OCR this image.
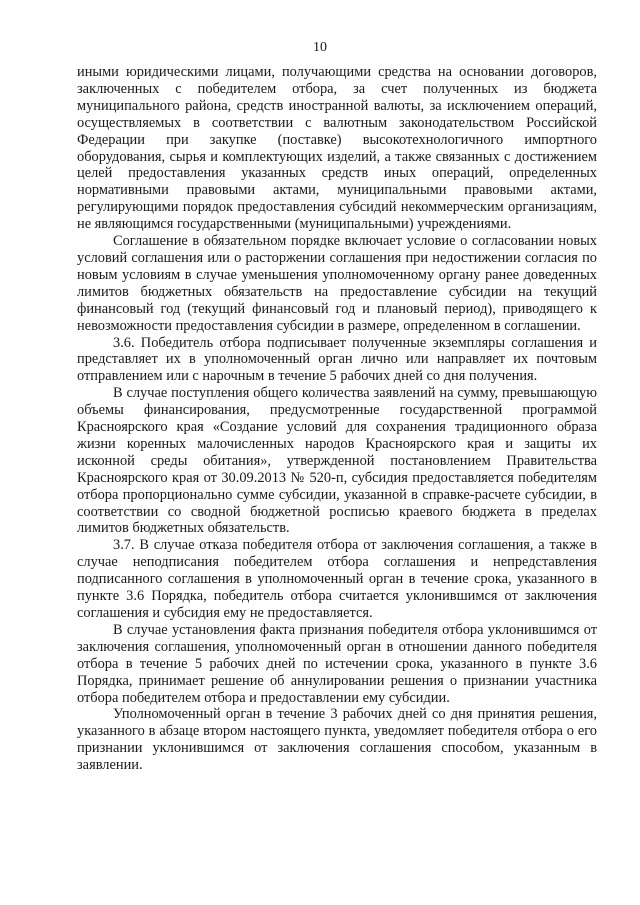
10

иными юридическими лицами, получающими средства на основании договоров, заключенных с победителем отбора, за счет полученных из бюджета муниципального района, средств иностранной валюты, за исключением операций, осуществляемых в соответствии с валютным законодательством Российской Федерации при закупке (поставке) высокотехнологичного импортного оборудования, сырья и комплектующих изделий, а также связанных с достижением целей предоставления указанных средств иных операций, определенных нормативными правовыми актами, муниципальными правовыми актами, регулирующими порядок предоставления субсидий некоммерческим организациям, не являющимся государственными (муниципальными) учреждениями.

Соглашение в обязательном порядке включает условие о согласовании новых условий соглашения или о расторжении соглашения при недостижении согласия по новым условиям в случае уменьшения уполномоченному органу ранее доведенных лимитов бюджетных обязательств на предоставление субсидии на текущий финансовый год (текущий финансовый год и плановый период), приводящего к невозможности предоставления субсидии в размере, определенном в соглашении.

3.6. Победитель отбора подписывает полученные экземпляры соглашения и представляет их в уполномоченный орган лично или направляет их почтовым отправлением или с нарочным в течение 5 рабочих дней со дня получения.

В случае поступления общего количества заявлений на сумму, превышающую объемы финансирования, предусмотренные государственной программой Красноярского края «Создание условий для сохранения традиционного образа жизни коренных малочисленных народов Красноярского края и защиты их исконной среды обитания», утвержденной постановлением Правительства Красноярского края от 30.09.2013 № 520-п, субсидия предоставляется победителям отбора пропорционально сумме субсидии, указанной в справке-расчете субсидии, в соответствии со сводной бюджетной росписью краевого бюджета в пределах лимитов бюджетных обязательств.

3.7. В случае отказа победителя отбора от заключения соглашения, а также в случае неподписания победителем отбора соглашения и непредставления подписанного соглашения в уполномоченный орган в течение срока, указанного в пункте 3.6 Порядка, победитель отбора считается уклонившимся от заключения соглашения и субсидия ему не предоставляется.

В случае установления факта признания победителя отбора уклонившимся от заключения соглашения, уполномоченный орган в отношении данного победителя отбора в течение 5 рабочих дней по истечении срока, указанного в пункте 3.6 Порядка, принимает решение об аннулировании решения о признании участника отбора победителем отбора и предоставлении ему субсидии.

Уполномоченный орган в течение 3 рабочих дней со дня принятия решения, указанного в абзаце втором настоящего пункта, уведомляет победителя отбора о его признании уклонившимся от заключения соглашения способом, указанным в заявлении.
